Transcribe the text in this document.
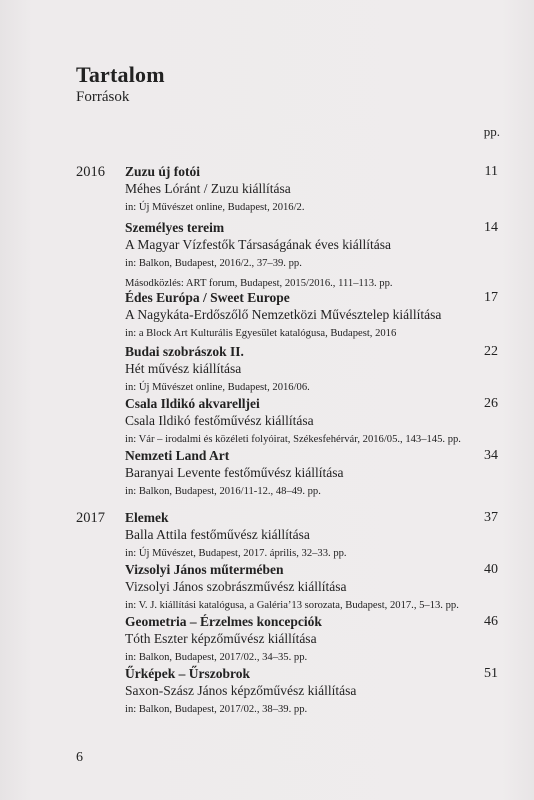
Tartalom
Források
pp.
2016 Zuzu új fotói	11
Méhes Lóránt / Zuzu kiállítása
in: Új Művészet online, Budapest, 2016/2.
Személyes tereim	14
A Magyar Vízfestők Társaságának éves kiállítása
in: Balkon, Budapest, 2016/2., 37–39. pp.
Másodközlés: ART forum, Budapest, 2015/2016., 111–113. pp.
Édes Európa / Sweet Europe	17
A Nagykáta-Erdőszőlő Nemzetközi Művésztelep kiállítása
in: a Block Art Kulturális Egyesület katalógusa, Budapest, 2016
Budai szobrászok II.	22
Hét művész kiállítása
in: Új Művészet online, Budapest, 2016/06.
Csala Ildikó akvarelljei	26
Csala Ildikó festőművész kiállítása
in: Vár – irodalmi és közéleti folyóirat, Székesfehérvár, 2016/05., 143–145. pp.
Nemzeti Land Art	34
Baranyai Levente festőművész kiállítása
in: Balkon, Budapest, 2016/11-12., 48–49. pp.
2017 Elemek	37
Balla Attila festőművész kiállítása
in: Új Művészet, Budapest, 2017. április, 32–33. pp.
Vizsolyi János műtermében	40
Vizsolyi János szobrászművész kiállítása
in: V. J. kiállítási katalógusa, a Galéria’13 sorozata, Budapest, 2017., 5–13. pp.
Geometria – Érzelmes koncepciók	46
Tóth Eszter képzőművész kiállítása
in: Balkon, Budapest, 2017/02., 34–35. pp.
Űrképek – Űrszobrok	51
Saxon-Szász János képzőművész kiállítása
in: Balkon, Budapest, 2017/02., 38–39. pp.
6
